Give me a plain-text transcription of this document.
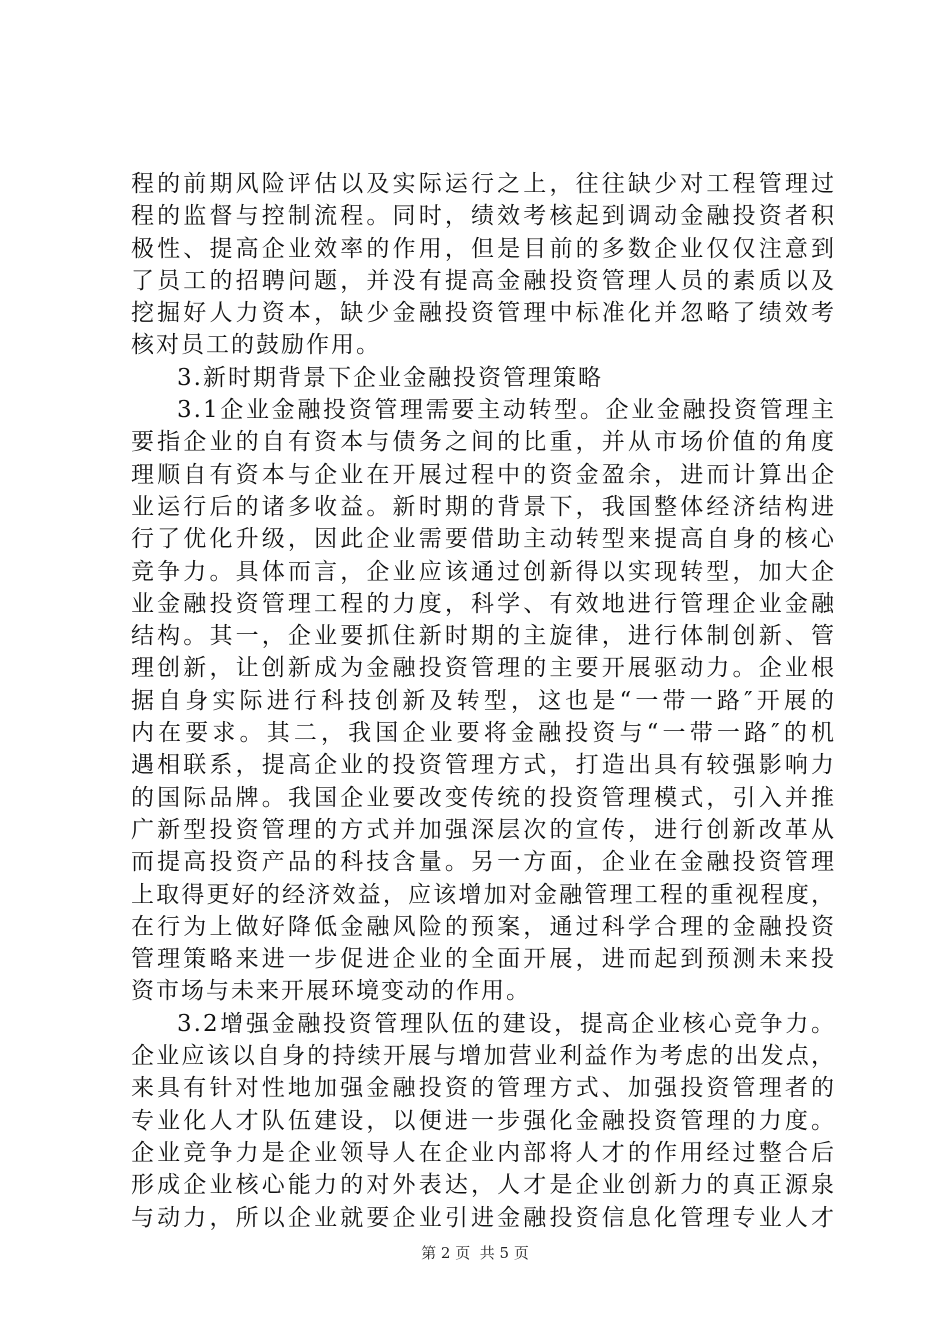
程的前期风险评估以及实际运行之上，往往缺少对工程管理过
程的监督与控制流程。同时，绩效考核起到调动金融投资者积
极性、提高企业效率的作用，但是目前的多数企业仅仅注意到
了员工的招聘问题，并没有提高金融投资管理人员的素质以及
挖掘好人力资本，缺少金融投资管理中标准化并忽略了绩效考
核对员工的鼓励作用。
3.新时期背景下企业金融投资管理策略
3.1企业金融投资管理需要主动转型。企业金融投资管理主
要指企业的自有资本与债务之间的比重，并从市场价值的角度
理顺自有资本与企业在开展过程中的资金盈余，进而计算出企
业运行后的诸多收益。新时期的背景下，我国整体经济结构进
行了优化升级，因此企业需要借助主动转型来提高自身的核心
竞争力。具体而言，企业应该通过创新得以实现转型，加大企
业金融投资管理工程的力度，科学、有效地进行管理企业金融
结构。其一，企业要抓住新时期的主旋律，进行体制创新、管
理创新，让创新成为金融投资管理的主要开展驱动力。企业根
据自身实际进行科技创新及转型，这也是“一带一路″开展的
内在要求。其二，我国企业要将金融投资与“一带一路″的机
遇相联系，提高企业的投资管理方式，打造出具有较强影响力
的国际品牌。我国企业要改变传统的投资管理模式，引入并推
广新型投资管理的方式并加强深层次的宣传，进行创新改革从
而提高投资产品的科技含量。另一方面，企业在金融投资管理
上取得更好的经济效益，应该增加对金融管理工程的重视程度，
在行为上做好降低金融风险的预案，通过科学合理的金融投资
管理策略来进一步促进企业的全面开展，进而起到预测未来投
资市场与未来开展环境变动的作用。
3.2增强金融投资管理队伍的建设，提高企业核心竞争力。
企业应该以自身的持续开展与增加营业利益作为考虑的出发点，
来具有针对性地加强金融投资的管理方式、加强投资管理者的
专业化人才队伍建设，以便进一步强化金融投资管理的力度。
企业竞争力是企业领导人在企业内部将人才的作用经过整合后
形成企业核心能力的对外表达，人才是企业创新力的真正源泉
与动力，所以企业就要企业引进金融投资信息化管理专业人才
第 2 页  共 5 页
